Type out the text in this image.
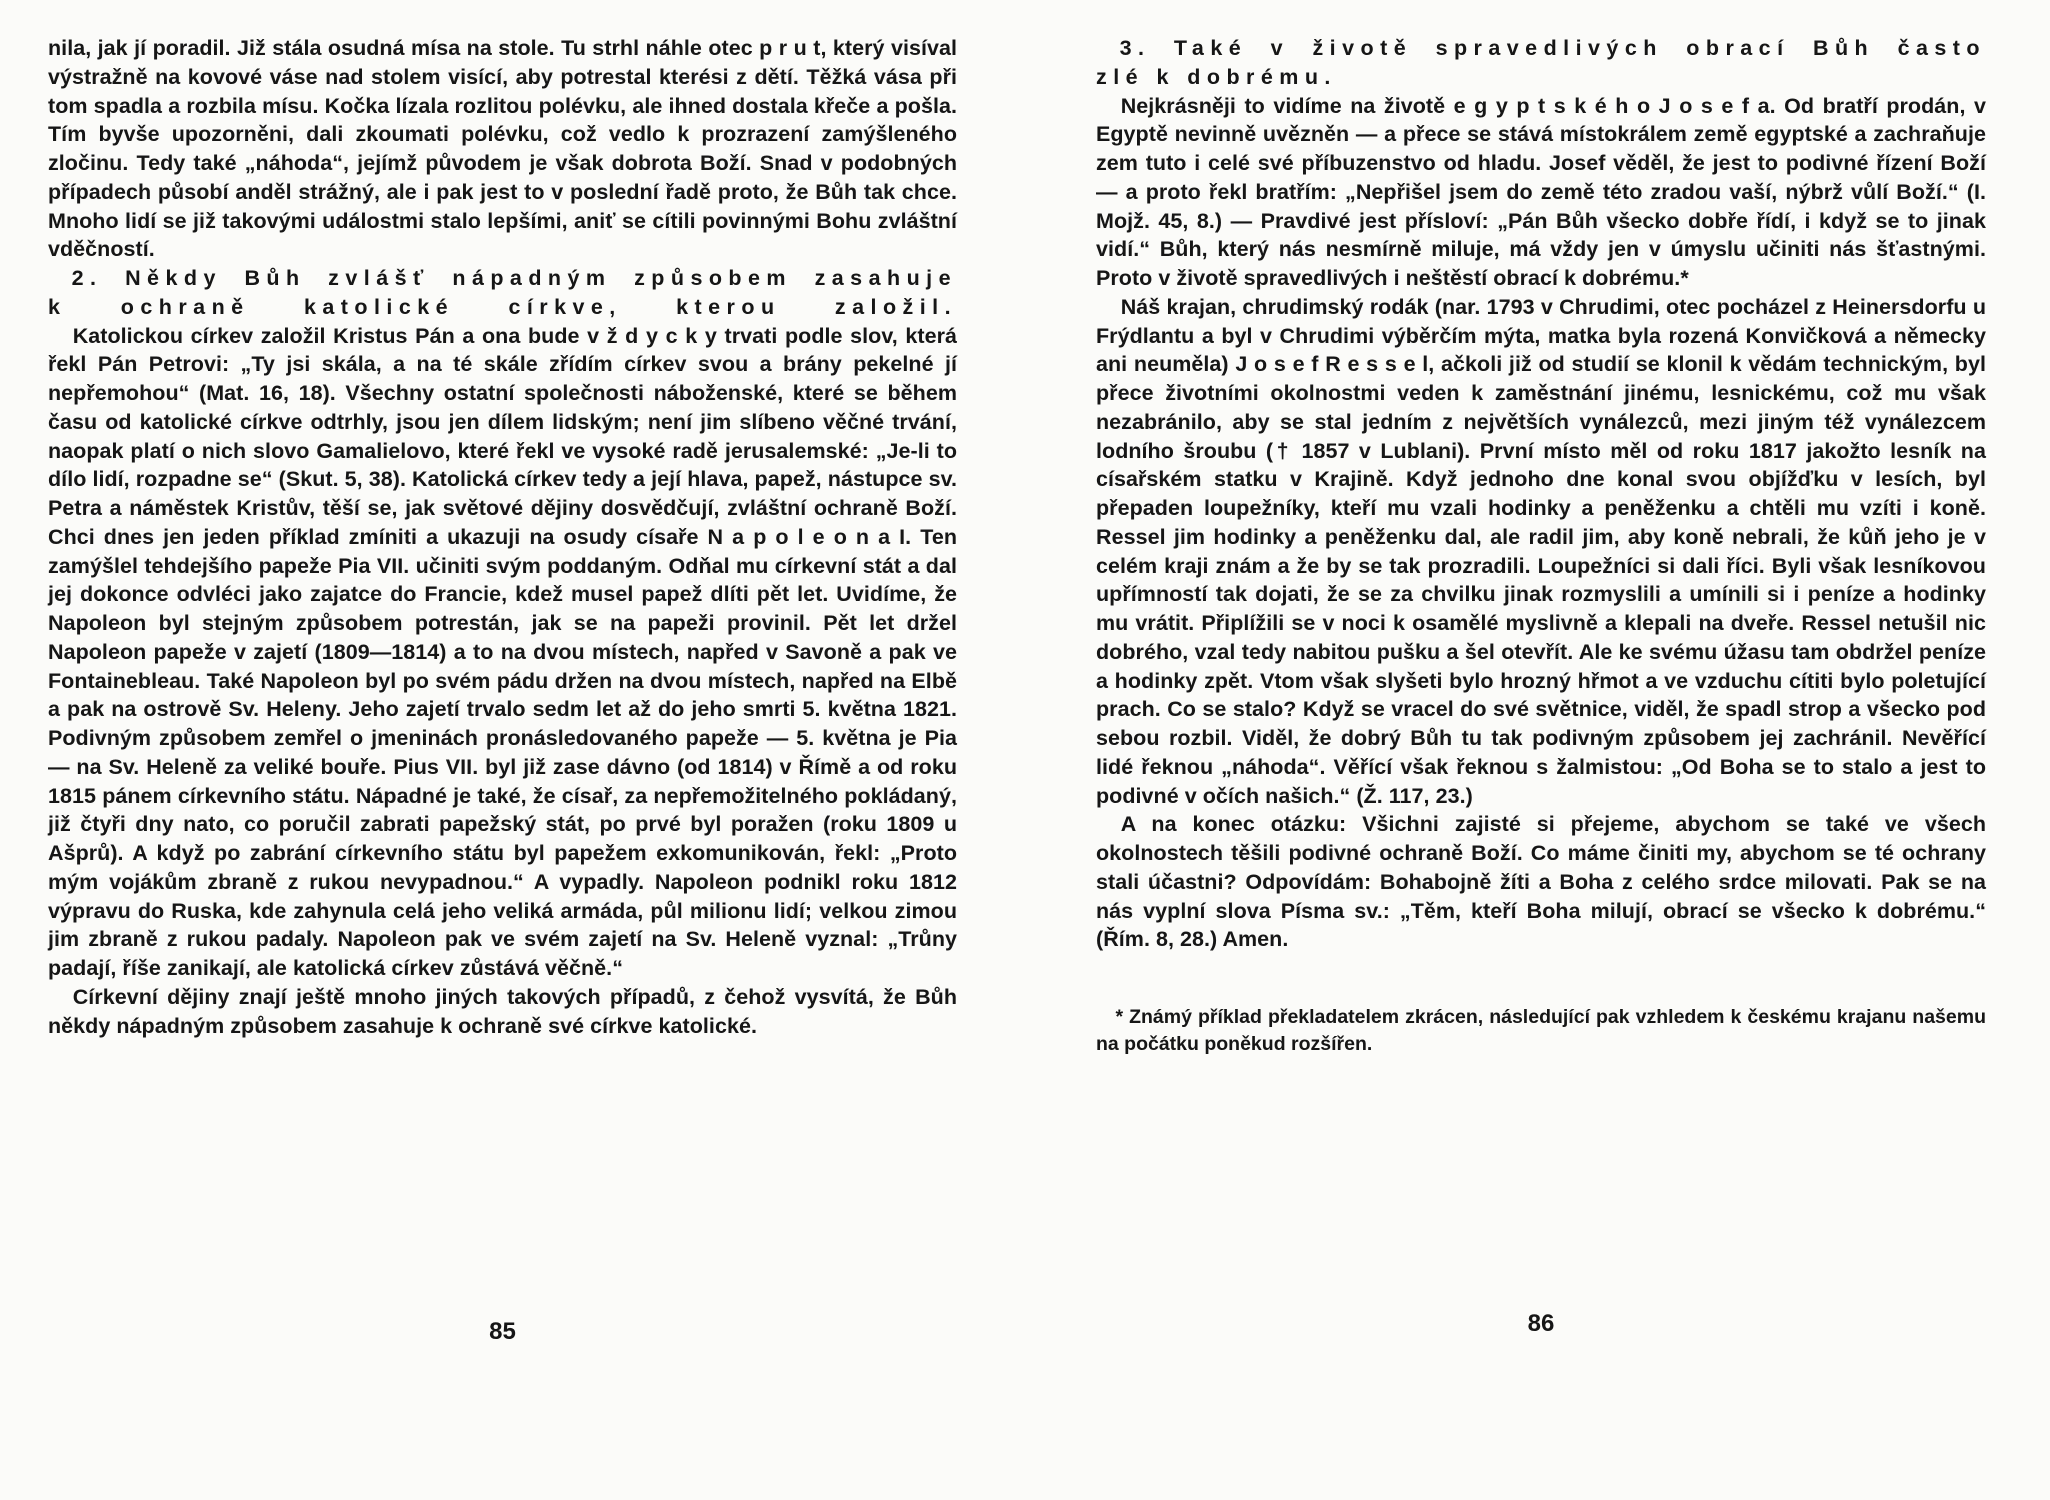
nila, jak jí poradil. Již stála osudná mísa na stole. Tu strhl náhle otec p r u t, který visíval výstražně na kovové váse nad stolem visící, aby potrestal kterési z dětí. Těžká vása při tom spadla a rozbila mísu. Kočka lízala rozlitou polévku, ale ihned dostala křeče a pošla. Tím byvše upozorněni, dali zkoumati polévku, což vedlo k prozrazení zamýšleného zločinu. Tedy také „náhoda“, jejímž původem je však dobrota Boží. Snad v podobných případech působí anděl strážný, ale i pak jest to v poslední řadě proto, že Bůh tak chce. Mnoho lidí se již takovými událostmi stalo lepšími, aniť se cítili povinnými Bohu zvláštní vděčností.

2. Někdy Bůh zvlášť nápadným způsobem zasahuje
k ochraně katolické církve, kterou založil.

Katolickou církev založil Kristus Pán a ona bude v ž d y c k y trvati podle slov, která řekl Pán Petrovi: „Ty jsi skála, a na té skále zřídím církev svou a brány pekelné jí nepřemohou“ (Mat. 16, 18). Všechny ostatní společnosti náboženské, které se během času od katolické církve odtrhly, jsou jen dílem lidským; není jim slíbeno věčné trvání, naopak platí o nich slovo Gamalielovo, které řekl ve vysoké radě jerusalemské: „Je-li to dílo lidí, rozpadne se“ (Skut. 5, 38). Katolická církev tedy a její hlava, papež, nástupce sv. Petra a náměstek Kristův, těší se, jak světové dějiny dosvědčují, zvláštní ochraně Boží. Chci dnes jen jeden příklad zmíniti a ukazuji na osudy císaře N a p o l e o n a I. Ten zamýšlel tehdejšího papeže Pia VII. učiniti svým poddaným. Odňal mu církevní stát a dal jej dokonce odvléci jako zajatce do Francie, kdež musel papež dlíti pět let. Uvidíme, že Napoleon byl stejným způsobem potrestán, jak se na papeži provinil. Pět let držel Napoleon papeže v zajetí (1809—1814) a to na dvou místech, napřed v Savoně a pak ve Fontainebleau. Také Napoleon byl po svém pádu držen na dvou místech, napřed na Elbě a pak na ostrově Sv. Heleny. Jeho zajetí trvalo sedm let až do jeho smrti 5. května 1821. Podivným způsobem zemřel o jmeninách pronásledovaného papeže — 5. května je Pia — na Sv. Heleně za veliké bouře. Pius VII. byl již zase dávno (od 1814) v Římě a od roku 1815 pánem církevního státu. Nápadné je také, že císař, za nepřemožitelného pokládaný, již čtyři dny nato, co poručil zabrati papežský stát, po prvé byl poražen (roku 1809 u Ašprů). A když po zabrání církevního státu byl papežem exkomunikován, řekl: „Proto mým vojákům zbraně z rukou nevypadnou.“ A vypadly. Napoleon podnikl roku 1812 výpravu do Ruska, kde zahynula celá jeho veliká armáda, půl milionu lidí; velkou zimou jim zbraně z rukou padaly. Napoleon pak ve svém zajetí na Sv. Heleně vyznal: „Trůny padají, říše zanikají, ale katolická církev zůstává věčně.“

Církevní dějiny znají ještě mnoho jiných takových případů, z čehož vysvítá, že Bůh někdy nápadným způsobem zasahuje k ochraně své církve katolické.

85
3. Také v životě spravedlivých obrací Bůh často
zlé k dobrému.

Nejkrásněji to vidíme na životě e g y p t s k é h o J o s e f a. Od bratří prodán, v Egyptě nevinně uvězněn — a přece se stává místokrálem země egyptské a zachraňuje zem tuto i celé své příbuzenstvo od hladu. Josef věděl, že jest to podivné řízení Boží — a proto řekl bratřím: „Nepřišel jsem do země této zradou vaší, nýbrž vůlí Boží.“ (I. Mojž. 45, 8.) — Pravdivé jest přísloví: „Pán Bůh všecko dobře řídí, i když se to jinak vidí.“ Bůh, který nás nesmírně miluje, má vždy jen v úmyslu učiniti nás šťastnými. Proto v životě spravedlivých i neštěstí obrací k dobrému.*

Náš krajan, chrudimský rodák (nar. 1793 v Chrudimi, otec pocházel z Heinersdorfu u Frýdlantu a byl v Chrudimi výběrčím mýta, matka byla rozená Konvičková a německy ani neuměla) J o s e f R e s s e l, ačkoli již od studií se klonil k vědám technickým, byl přece životními okolnostmi veden k zaměstnání jinému, lesnickému, což mu však nezabránilo, aby se stal jedním z největších vynálezců, mezi jiným též vynálezcem lodního šroubu († 1857 v Lublani). První místo měl od roku 1817 jakožto lesník na císařském statku v Krajině. Když jednoho dne konal svou objížďku v lesích, byl přepaden loupežníky, kteří mu vzali hodinky a peněženku a chtěli mu vzíti i koně. Ressel jim hodinky a peněženku dal, ale radil jim, aby koně nebrali, že kůň jeho je v celém kraji znám a že by se tak prozradili. Loupežníci si dali říci. Byli však lesníkovou upřímností tak dojati, že se za chvilku jinak rozmyslili a umínili si i peníze a hodinky mu vrátit. Připlížili se v noci k osamělé myslivně a klepali na dveře. Ressel netušil nic dobrého, vzal tedy nabitou pušku a šel otevřít. Ale ke svému úžasu tam obdržel peníze a hodinky zpět. Vtom však slyšeti bylo hrozný hřmot a ve vzduchu cítiti bylo poletující prach. Co se stalo? Když se vracel do své světnice, viděl, že spadl strop a všecko pod sebou rozbil. Viděl, že dobrý Bůh tu tak podivným způsobem jej zachránil. Nevěřící lidé řeknou „náhoda“. Věřící však řeknou s žalmistou: „Od Boha se to stalo a jest to podivné v očích našich.“ (Ž. 117, 23.)

A na konec otázku: Všichni zajisté si přejeme, abychom se také ve všech okolnostech těšili podivné ochraně Boží. Co máme činiti my, abychom se té ochrany stali účastni? Odpovídám: Bohabojně žíti a Boha z celého srdce milovati. Pak se na nás vyplní slova Písma sv.: „Těm, kteří Boha milují, obrací se všecko k dobrému.“ (Řím. 8, 28.) Amen.

* Známý příklad překladatelem zkrácen, následující pak vzhledem k českému krajanu našemu na počátku poněkud rozšířen.

86
